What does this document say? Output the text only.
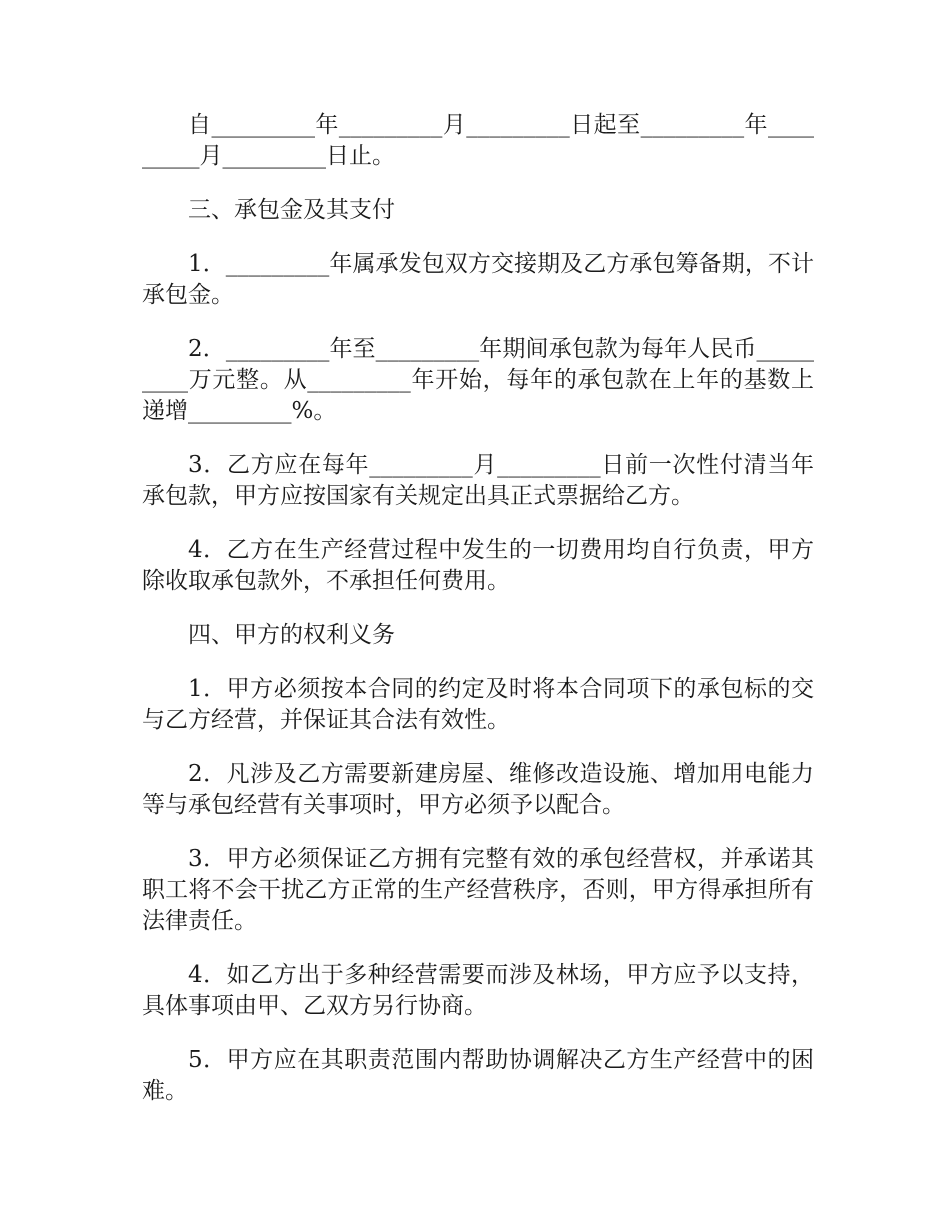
自_________年_________月_________日起至_________年_________月_________日止。

三、承包金及其支付

1．_________年属承发包双方交接期及乙方承包筹备期，不计承包金。

2．_________年至_________年期间承包款为每年人民币_________万元整。从_________年开始，每年的承包款在上年的基数上递增_________%。

3．乙方应在每年_________月_________日前一次性付清当年承包款，甲方应按国家有关规定出具正式票据给乙方。

4．乙方在生产经营过程中发生的一切费用均自行负责，甲方除收取承包款外，不承担任何费用。

四、甲方的权利义务

1．甲方必须按本合同的约定及时将本合同项下的承包标的交与乙方经营，并保证其合法有效性。

2．凡涉及乙方需要新建房屋、维修改造设施、增加用电能力等与承包经营有关事项时，甲方必须予以配合。

3．甲方必须保证乙方拥有完整有效的承包经营权，并承诺其职工将不会干扰乙方正常的生产经营秩序，否则，甲方得承担所有法律责任。

4．如乙方出于多种经营需要而涉及林场，甲方应予以支持，具体事项由甲、乙双方另行协商。

5．甲方应在其职责范围内帮助协调解决乙方生产经营中的困难。
